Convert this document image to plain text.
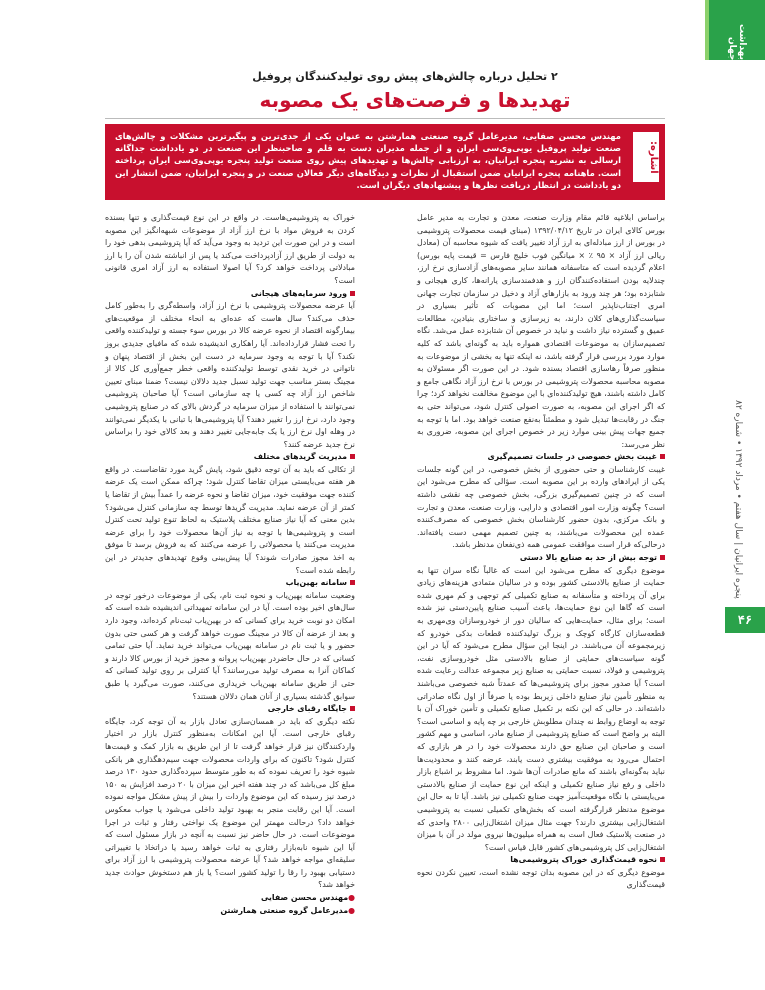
بهداشت جهان
پنجره ایرانیان | سال هفتم • مرداد ۱۳۹۲ • شماره ۸۲
۴۶
۲ تحلیل درباره چالش‌های پیش روی تولیدکنندگان پروفیل
تهدیدها و فرصت‌های یک مصوبه
اشاره:
مهندس محسن صفایی، مدیرعامل گروه صنعتی همارشتن به عنوان یکی از جدی‌ترین و پیگیرترین مشکلات و چالش‌های صنعت تولید پروفیل یوپی‌وی‌سی ایران و از جمله مدیران دست به قلم و صاحبنظر این صنعت در دو یادداشت جداگانه ارسالی به نشریه پنجره ایرانیان، به ارزیابی چالش‌ها و تهدیدهای پیش روی صنعت تولید پنجره یوپی‌وی‌سی ایران پرداخته است. ماهنامه پنجره ایرانیان ضمن استقبال از نظرات و دیدگاه‌های دیگر فعالان صنعت در و پنجره ایرانیان، ضمن انتشار این دو یادداشت در انتظار دریافت نظرها و پیشنهادهای دیگران است.

براساس ابلاغیه قائم مقام وزارت صنعت، معدن و تجارت به مدیر عامل بورس کالای ایران در تاریخ ۱۳۹۲/۰۴/۱۲ (مبنای قیمت محصولات پتروشیمی در بورس از ارز مبادله‌ای به ارز آزاد تغییر یافت که شیوه محاسبه آن (معادل ریالی ارز آزاد × ۹۵ ٪ × میانگین فوب خلیج فارس = قیمت پایه بورس) اعلام گردیده است که متاسفانه همانند سایر مصوبه‌های آزادسازی نرخ ارز، چندلایه بودن استفاده‌کنندگان ارز و هدفمندسازی یارانه‌ها، کاری هیجانی و شتابزده بود؛ هر چند ورود به بازارهای آزاد و دخیل در سازمان تجارت جهانی امری اجتناب‌ناپذیر است؛ اما این مصوبات که تأثیر بسیاری در سیاست‌گذاری‌های کلان دارند، به زیرسازی و ساختاری بنیادین، مطالعات عمیق و گسترده نیاز داشت و نباید در خصوص آن شتابزده عمل می‌شد. نگاه تصمیم‌سازان به موضوعات اقتصادی همواره باید به گونه‌ای باشد که کلیه موارد مورد بررسی قرار گرفته باشد، نه اینکه تنها به بخشی از موضوعات به منظور صرفاً رهاسازی اقتصاد بسنده شود. در این صورت اگر مسئولان به مصوبه محاسبه محصولات پتروشیمی در بورس با نرخ ارز آزاد نگاهی جامع و کامل داشته باشند، هیچ تولیدکننده‌ای با این موضوع مخالفت نخواهد کرد؛ چرا که اگر اجرای این مصوبه، به صورت اصولی کنترل شود، می‌تواند حتی به جنگ در رقابت‌ها تبدیل شود و مطمئناً به‌نفع صنعت خواهد بود. اما با توجه به جمیع جهات پیش بینی موارد زیر در خصوص اجرای این مصوبه، ضروری به نظر می‌رسد:

غیبت بخش خصوصی در جلسات تصمیم‌گیری

غیبت کارشناسان و حتی حضوری از بخش خصوصی، در این گونه جلسات یکی از ایرادهای وارده بر این مصوبه است. سؤالی که مطرح می‌شود این است که در چنین تصمیم‌گیری بزرگی، بخش خصوصی چه نقشی داشته است؟ چگونه وزارت امور اقتصادی و دارایی، وزارت صنعت، معدن و تجارت و بانک مرکزی، بدون حضور کارشناسان بخش خصوصی که مصرف‌کننده عمده این محصولات می‌باشند، به چنین تصمیم مهمی دست یافته‌اند. درحالی‌که قرار است موافقت عمومی همه ذی‌نفعان مدنظر باشد.

توجه بیش از حد به صنایع بالا دستی

موضوع دیگری که مطرح می‌شود این است که غالباً نگاه سران تنها به حمایت از صنایع بالادستی کشور بوده و در سالیان متمادی هزینه‌های زیادی برای آن پرداخته و متأسفانه به صنایع تکمیلی کم توجهی و کم مهری شده است که گاها این نوع حمایت‌ها، باعث آسیب صنایع پایین‌دستی نیز شده است؛ برای مثال، حمایت‌هایی که سالیان دور از خودروسازان وی‌مهری به قطعه‌سازان کارگاه کوچک و بزرگ تولیدکننده قطعات بدکی خودرو که زیرمجموعه آن می‌باشند. در اینجا این سؤال مطرح می‌شود که آیا در این گونه سیاست‌های حمایتی از صنایع بالادستی مثل خودروسازی نفت، پتروشیمی و فولاد، نسبت حمایتی به صنایع زیر مجموعه عدالت رعایت شده است؟ آیا صدور مجوز برای پتروشیمی‌ها که عمدتاً شبه خصوصی می‌باشند به منظور تأمین نیاز صنایع داخلی زیربط بوده یا صرفاً از اول نگاه صادراتی داشته‌اند. در حالی که این نکته بر تکمیل صنایع تکمیلی و تأمین خوراک آن با توجه به اوضاع روابط نه چندان مطلوبش خارجی بر چه پایه و اساسی است؟ البته بر واضح است که صنایع پتروشیمی از صنایع مادر، اساسی و مهم کشور است و صاحبان این صنایع حق دارند محصولات خود را در هر بازاری که احتمال می‌رود به موفقیت بیشتری دست یابند، عرضه کنند و محدودیت‌ها نباید به‌گونه‌ای باشند که مانع صادرات آن‌ها شود. اما مشروط بر اشباع بازار داخلی و رفع نیاز صنایع تکمیلی و اینکه این نوع حمایت از صنایع بالادستی می‌بایستی با نگاه موقعیت‌آمیز جهت صنایع تکمیلی نیز باشد. آیا تا به حال این موضوع مدنظر قرارگرفته است که بخش‌های تکمیلی نسبت به پتروشیمی اشتغال‌زایی بیشتری دارند؟ جهت مثال میزان اشتغال‌زایی ۲۸۰۰ واحدی که در صنعت پلاستیک فعال است به همراه میلیون‌ها نیروی مولد در آن با میزان اشتغال‌زایی کل پتروشیمی‌های کشور قابل قیاس است؟

نحوه قیمت‌گذاری خوراک پتروشیمی‌ها

موضوع دیگری که در این مصوبه بدان توجه نشده است، تعیین نکردن نحوه قیمت‌گذاری

خوراک به پتروشیمی‌هاست. در واقع در این نوع قیمت‌گذاری و تنها بسنده کردن به فروش مواد با نرخ ارز آزاد از موضوعات شبهه‌انگیز این مصوبه است و در این صورت این تردید به وجود می‌آید که آیا پتروشیمی بدهی خود را به دولت از طریق ارز آزادپرداخت می‌کند یا پس از انباشته شدن آن را با ارز مبادلاتی پرداخت خواهد کرد؟ آیا اصولا استفاده به ارز آزاد امری قانونی است؟

ورود سرمایه‌های هیجانی

آیا عرضه محصولات پتروشیمی با نرخ ارز آزاد، واسطه‌گری را به‌طور کامل حذف می‌کند؟ سال هاست که عده‌ای به انحاء مختلف از موقعیت‌های بیمارگونه اقتصاد از نحوه عرضه کالا در بورس سوء جسته و تولیدکننده واقعی را تحت فشار قرارداده‌اند. آیا راهکاری اندیشیده شده که مافیای جدیدی بروز نکند؟ آیا با توجه به وجود سرمایه در دست این بخش از اقتصاد پنهان و ناتوانی در خرید نقدی توسط تولیدکننده واقعی خطر جمع‌آوری کل کالا از مجینگ بستر مناسب جهت تولید نسبل جدید دلالان نیست؟ ضمنا مبنای تعیین شاخص ارز آزاد چه کسی یا چه سازمانی است؟ آیا صاحبان پتروشیمی نمی‌توانند با استفاده از میزان سرمایه در گردش بالای که در صنایع پتروشیمی وجود دارد، نرخ ارز را تغییر دهند؟ آیا پتروشیمی‌ها با تبانی با یکدیگر نمی‌توانند در وهله اول نرخ ارز یا یک جابه‌جایی تغییر دهند و بعد کالای خود را براساس نرخ جدید عرضه کنند؟

مدیریت گریدهای مختلف

از تکالی که باید به آن توجه دقیق شود، پایش گرید مورد تقاضاست. در واقع هر هفته می‌بایستی میزان تقاضا کنترل شود؛ چراکه ممکن است یک عرضه کننده جهت موفقیت خود، میزان تقاضا و نحوه عرضه را عمداً بیش از تقاضا یا کمتر از آن عرضه نماید. مدیریت گریدها توسط چه سازمانی کنترل می‌شود؟بدین معنی که آیا نیاز صنایع مختلف پلاستیک به لحاظ تنوع تولید تحت کنترل است و پتروشیمی‌ها با توجه به نیاز آن‌ها محصولات خود را برای عرضه مدیریت می‌کنند یا محصولاتی را عرضه می‌کنند که به فروش برسد تا موفق به اخذ مجوز صادرات شوند؟ آیا پیش‌بینی وقوع تهدیدهای جدیدتر در این رابطه شده است؟

سامانه بهین‌یاب

وضعیت سامانه بهین‌یاب و نحوه ثبت نام، یکی از موضوعات درخور توجه در سال‌های اخیر بوده است. آیا در این سامانه تمهیداتی اندیشیده شده است که امکان دو نوبت خرید برای کسانی که در بهین‌یاب ثبت‌نام کرده‌اند، وجود دارد و بعد از عرضه آن کالا در مجینگ صورت خواهد گرفت و هر کسی حتی بدون حضور و یا ثبت نام در سامانه بهین‌یاب می‌تواند خرید نماید. آیا حتی تمامی کسانی که در حال حاضردر بهین‌یاب پروانه و مجوز خرید از بورس کالا دارند و کماکان آنرا به مصرف تولید می‌رسانند؟ آیا کنترلی بر روی تولید کسانی که حتی از طریق سامانه بهین‌یاب خریداری می‌کنند، صورت می‌گیرد یا طبق سوابق گذشته بسیاری از آنان همان دلالان هستند؟

جایگاه رقبای خارجی

نکته دیگری که باید در همسان‌سازی تعادل بازار به آن توجه کرد، جایگاه رقبای خارجی است. آیا این امکانات به‌منظور کنترل بازار در اختیار واردکنندگان نیز قرار خواهد گرفت تا از این طریق به بازار کمک و قیمت‌ها کنترل شود؟ تاکنون که برای واردات محصولات جهت سیم‌دهگذاری هر بانکی شیوه خود را تعریف نموده که به طور متوسط سپرده‌گذاری حدود ۱۳۰ درصد مبلغ کل می‌باشد که در چند هفته اخیر این میزان با ۲۰ درصد افزایش به ۱۵۰ درصد نیز رسیده که این موضوع واردات را بیش از پیش مشکل مواجه نموده است. آیا این رقابت منجر به بهبود تولید داخلی می‌شود یا جواب معکوس خواهد داد؟ درحالت مهمتر این موضوع یک نواختی رفتار و ثبات در اجرا موضوعات است. در حال حاضر نیز نسبت به آنچه در بازار مسئول است که آیا این شیوه نابه‌بازار رفتاری به ثبات خواهد رسید یا دراتخاذ با تغییراتی سلیقه‌ای مواجه خواهد شد؟ آیا عرضه محصولات پتروشیمی با ارز آزاد برای دستیابی بهبود را رقا را تولید کشور است؟ یا باز هم دستخوش حوادث جدید خواهد شد؟

●مهندس محسن صفایی

●مدیرعامل گروه صنعتی همارشتن
